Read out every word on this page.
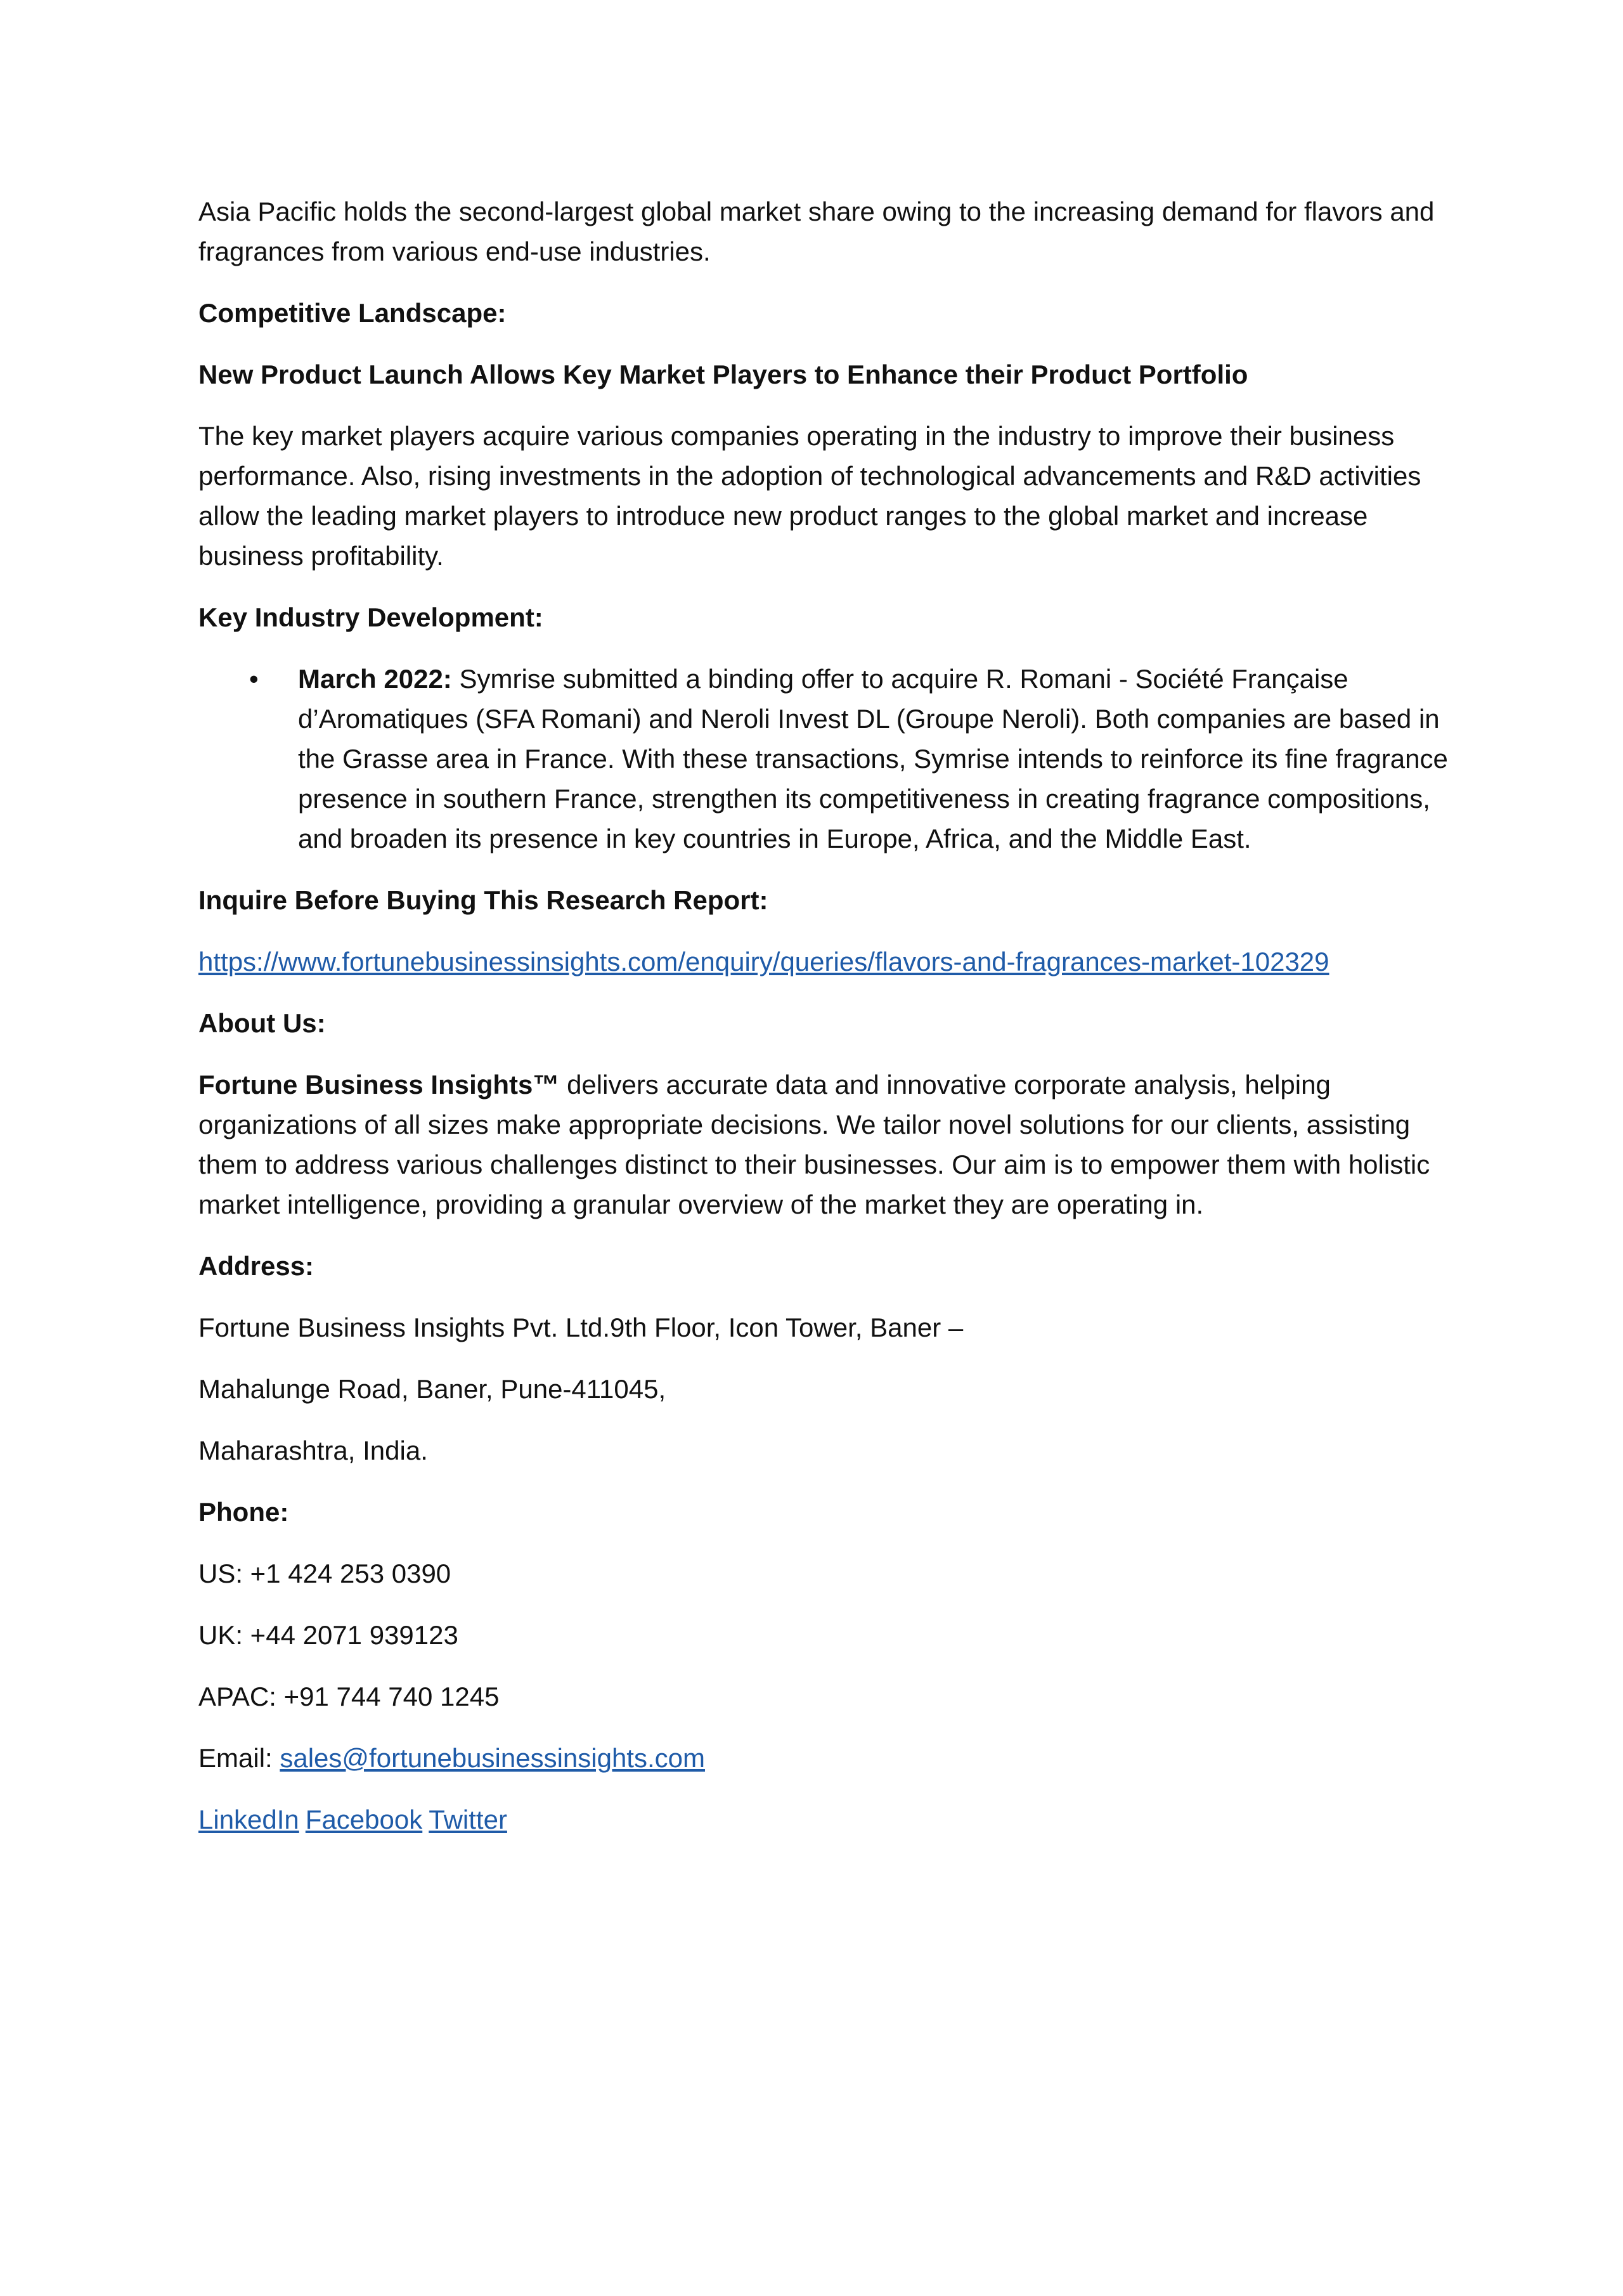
Asia Pacific holds the second-largest global market share owing to the increasing demand for flavors and fragrances from various end-use industries.

Competitive Landscape:

New Product Launch Allows Key Market Players to Enhance their Product Portfolio

The key market players acquire various companies operating in the industry to improve their business performance. Also, rising investments in the adoption of technological advancements and R&D activities allow the leading market players to introduce new product ranges to the global market and increase business profitability.

Key Industry Development:

• March 2022: Symrise submitted a binding offer to acquire R. Romani - Société Française d’Aromatiques (SFA Romani) and Neroli Invest DL (Groupe Neroli). Both companies are based in the Grasse area in France. With these transactions, Symrise intends to reinforce its fine fragrance presence in southern France, strengthen its competitiveness in creating fragrance compositions, and broaden its presence in key countries in Europe, Africa, and the Middle East.

Inquire Before Buying This Research Report:

https://www.fortunebusinessinsights.com/enquiry/queries/flavors-and-fragrances-market-102329

About Us:

Fortune Business Insights™ delivers accurate data and innovative corporate analysis, helping organizations of all sizes make appropriate decisions. We tailor novel solutions for our clients, assisting them to address various challenges distinct to their businesses. Our aim is to empower them with holistic market intelligence, providing a granular overview of the market they are operating in.

Address:

Fortune Business Insights Pvt. Ltd.9th Floor, Icon Tower, Baner –

Mahalunge Road, Baner, Pune-411045,

Maharashtra, India.

Phone:

US: +1 424 253 0390

UK: +44 2071 939123

APAC: +91 744 740 1245

Email: sales@fortunebusinessinsights.com

LinkedIn Facebook Twitter
